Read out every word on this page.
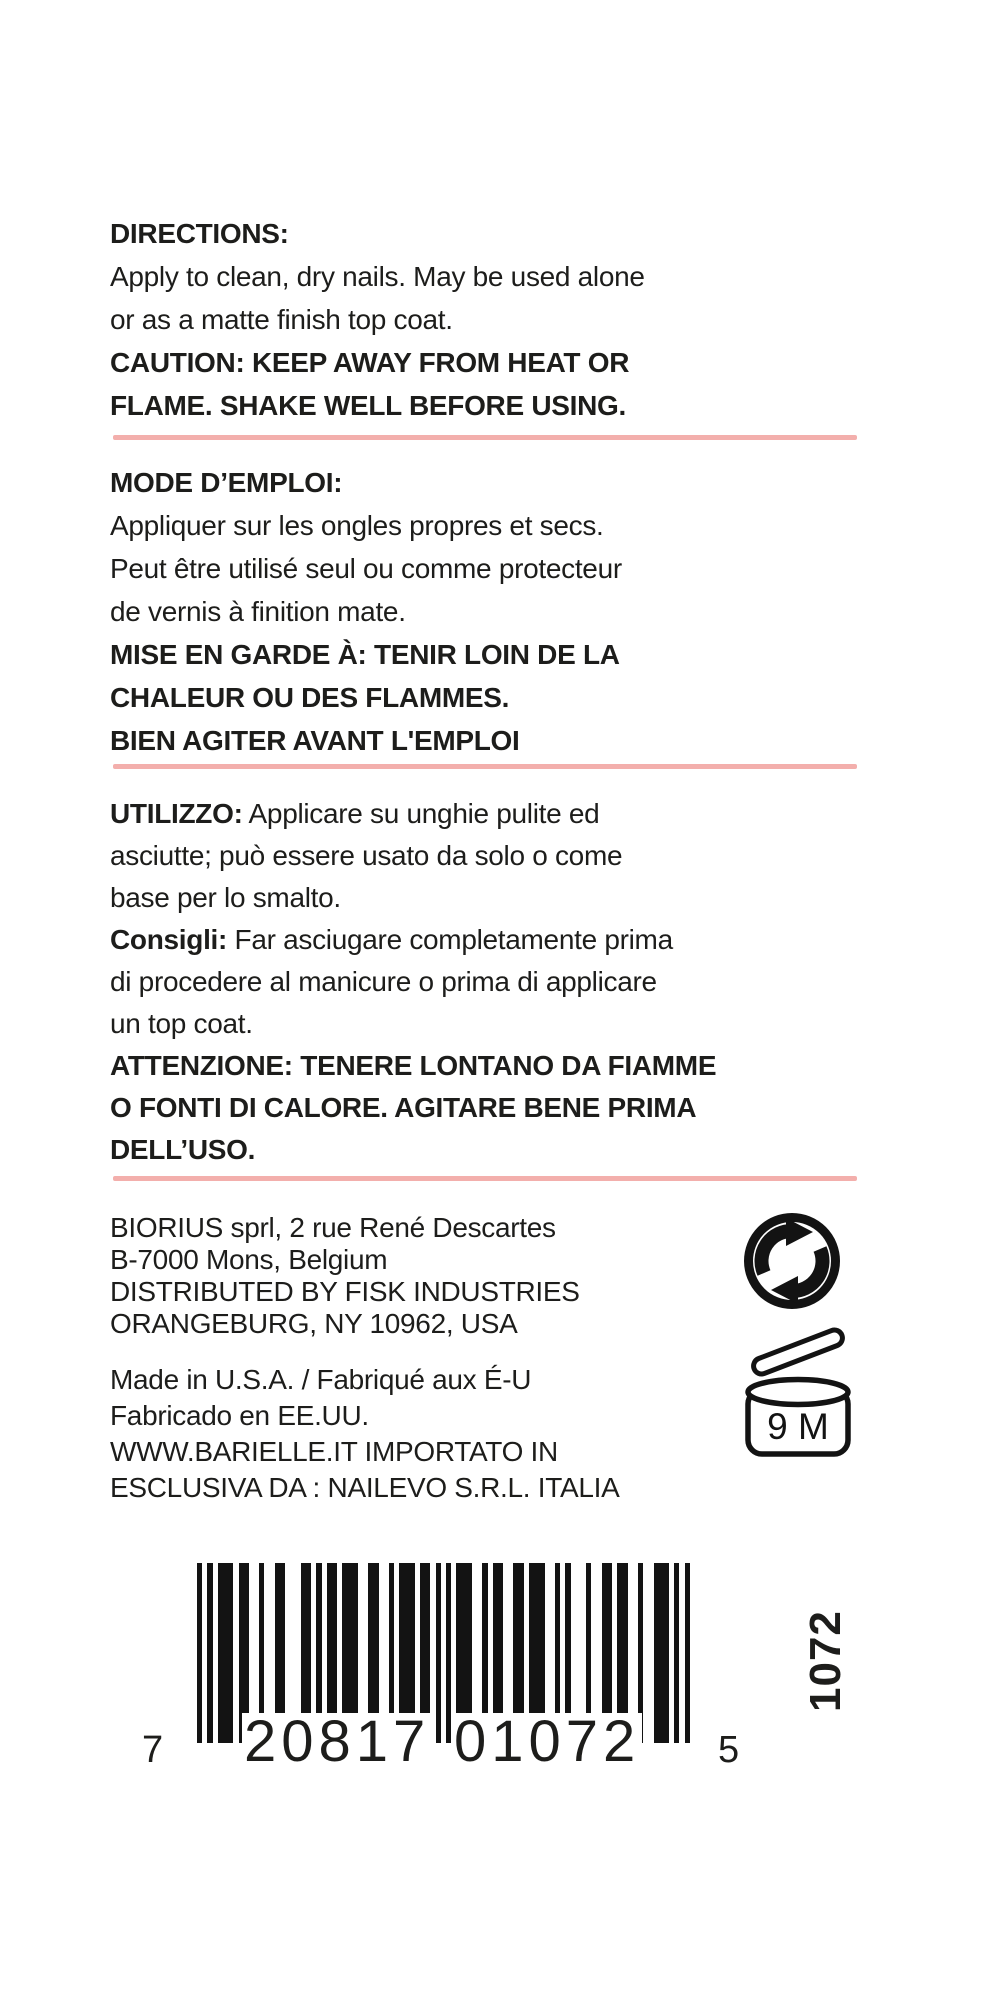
DIRECTIONS:
Apply to clean, dry nails. May be used alone
or as a matte finish top coat.
CAUTION: KEEP AWAY FROM HEAT OR
FLAME. SHAKE WELL BEFORE USING.
MODE D’EMPLOI:
Appliquer sur les ongles propres et secs.
Peut être utilisé seul ou comme protecteur
de vernis à finition mate.
MISE EN GARDE À: TENIR LOIN DE LA
CHALEUR OU DES FLAMMES.
BIEN AGITER AVANT L'EMPLOI
UTILIZZO: Applicare su unghie pulite ed
asciutte; può essere usato da solo o come
base per lo smalto.
Consigli: Far asciugare completamente prima
di procedere al manicure o prima di applicare
un top coat.
ATTENZIONE: TENERE LONTANO DA FIAMME
O FONTI DI CALORE. AGITARE BENE PRIMA
DELL’USO.
BIORIUS sprl, 2 rue René Descartes
B-7000 Mons, Belgium
DISTRIBUTED BY FISK INDUSTRIES
ORANGEBURG, NY 10962, USA
Made in U.S.A. / Fabriqué aux É-U
Fabricado en EE.UU.
WWW.BARIELLE.IT IMPORTATO IN
ESCLUSIVA DA : NAILEVO S.R.L. ITALIA
9 M
7 20817 01072 5
1072
